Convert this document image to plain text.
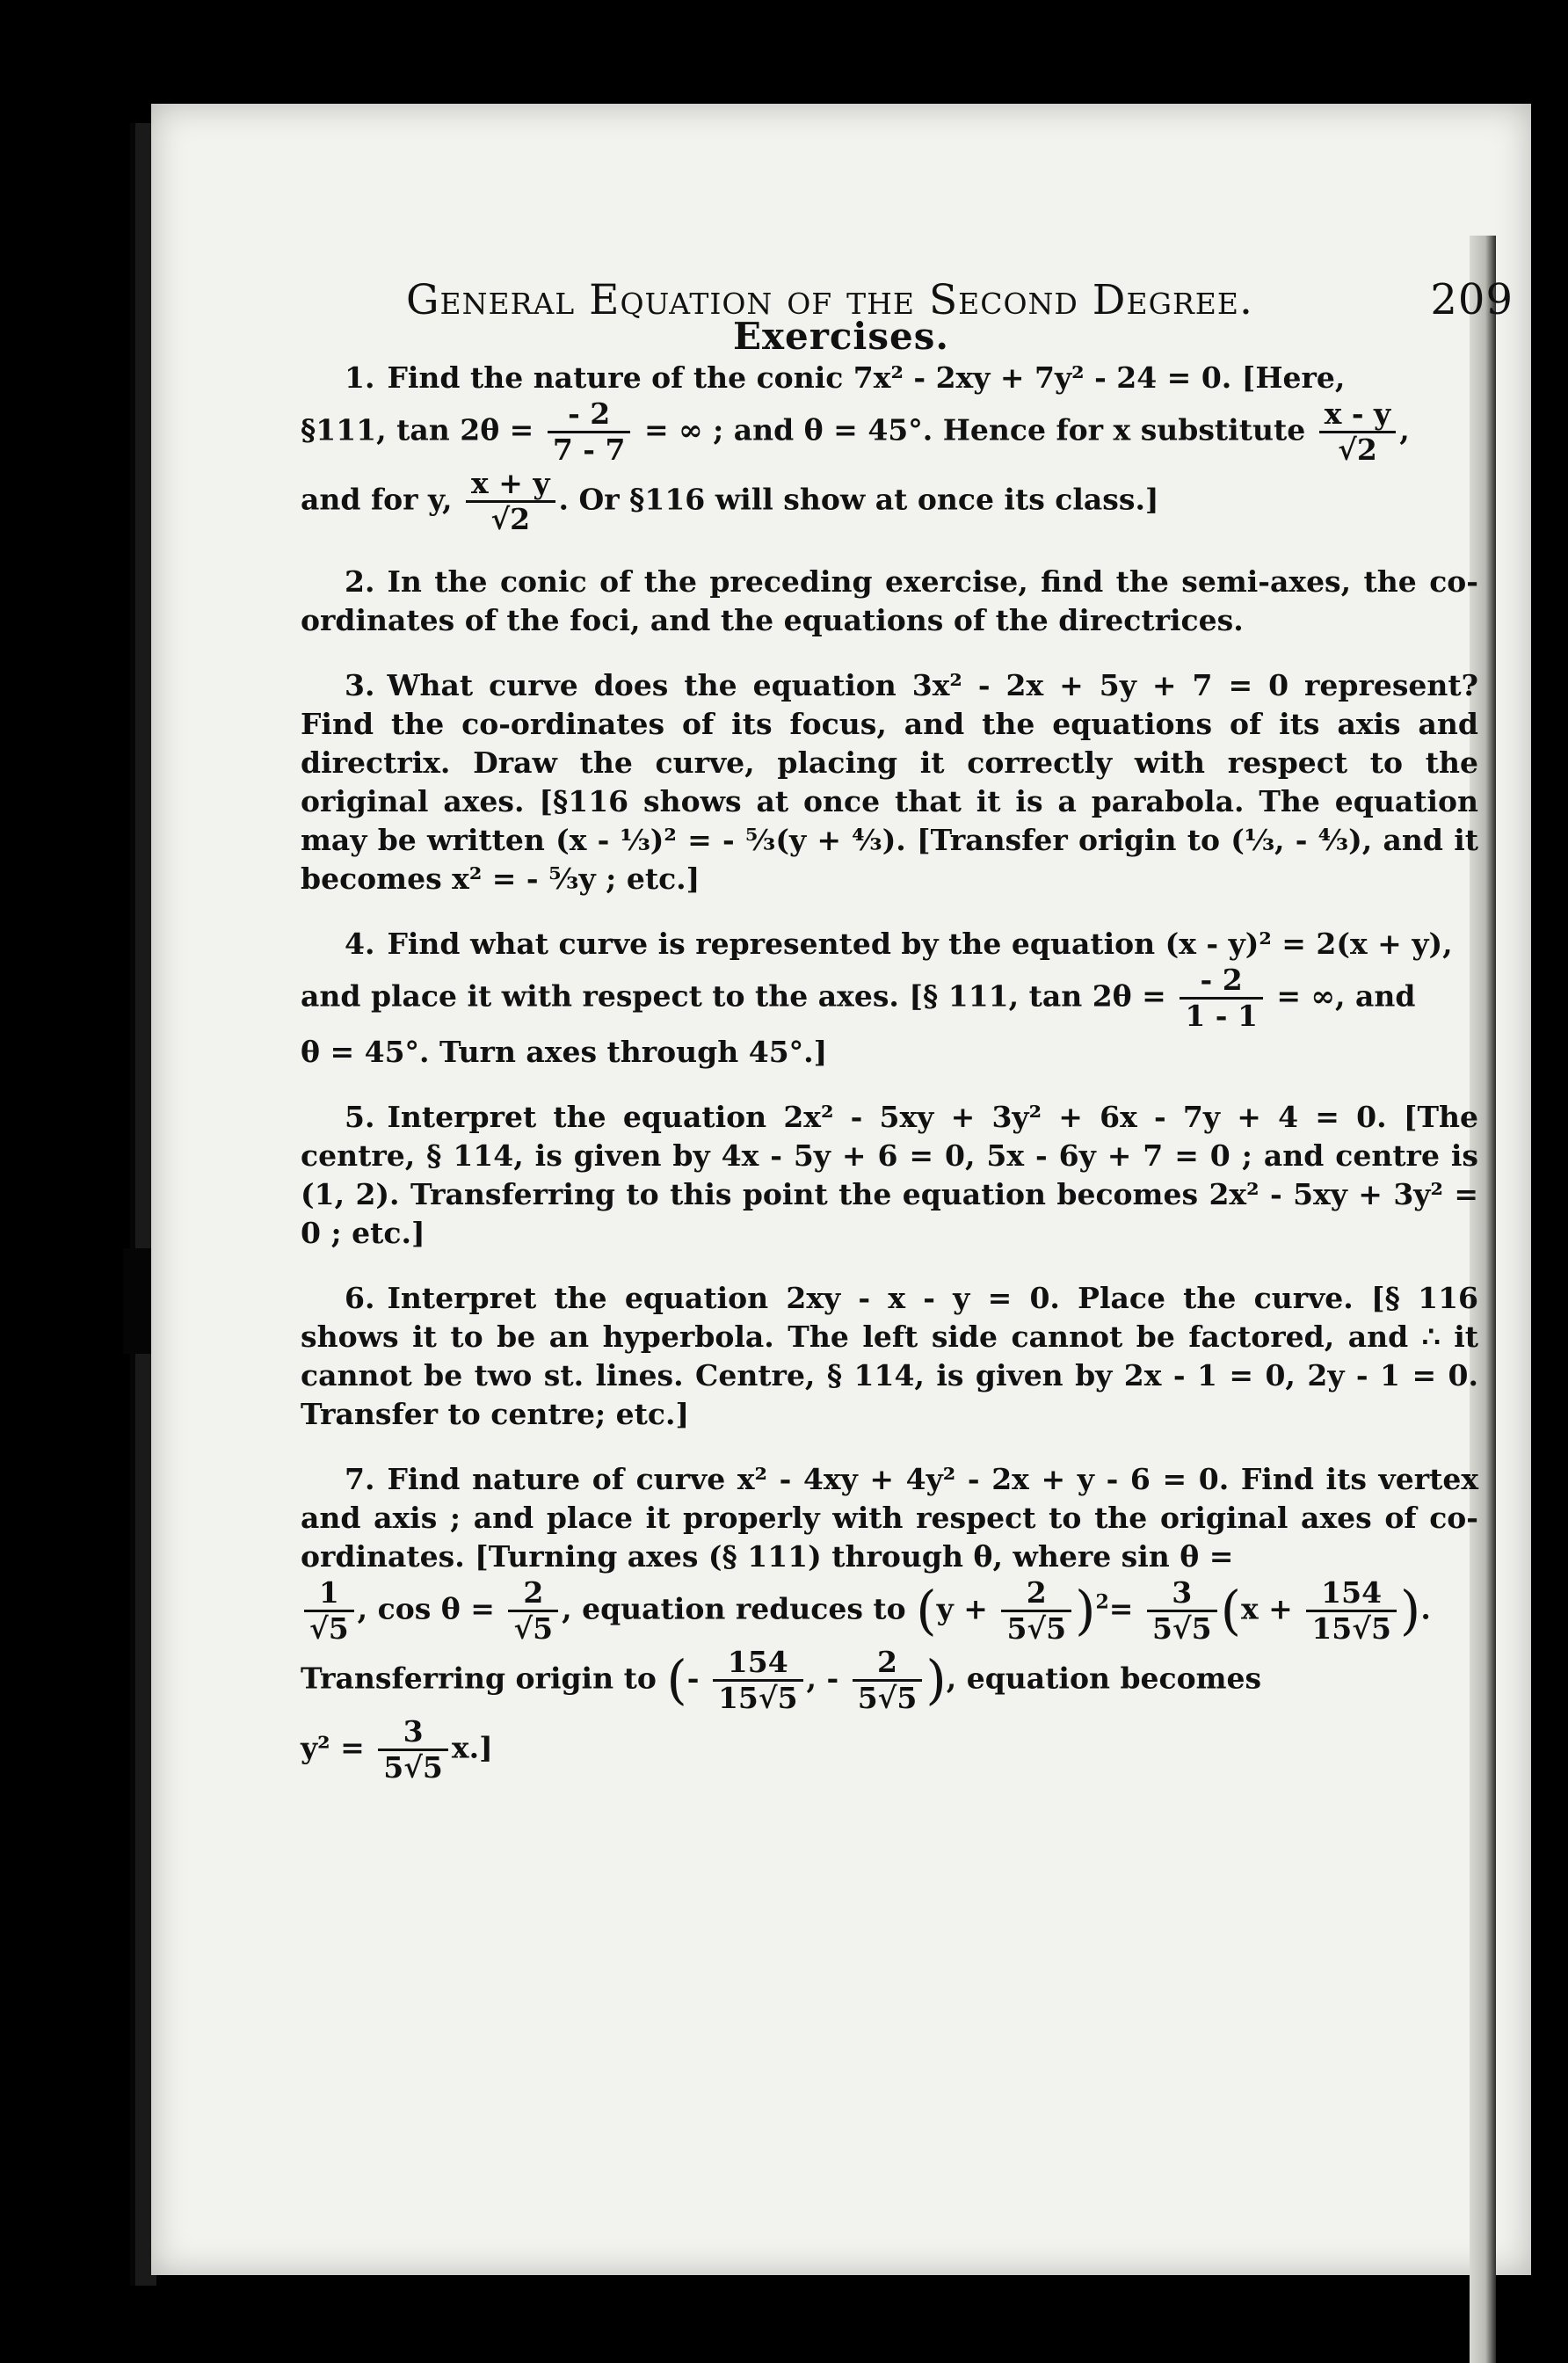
General Equation of the Second Degree.	209
Exercises.

1. Find the nature of the conic 7x² - 2xy + 7y² - 24 = 0. [Here,

§111, $\tan 2\theta = \frac{- 2}{7 - 7}$ = ∞ ; and θ = 45°. Hence for x substitute $\frac{x - y}{√2}$ ,

and for y, $\frac{x + y}{√2}$ . Or §116 will show at once its class.]

2. In the conic of the preceding exercise, find the semi-axes, the co-ordinates of the foci, and the equations of the directrices.

3. What curve does the equation 3x² - 2x + 5y + 7 = 0 represent? Find the co-ordinates of its focus, and the equations of its axis and directrix. Draw the curve, placing it correctly with respect to the original axes. [§116 shows at once that it is a parabola. The equation may be written (x - ⅓)² = - ⁵⁄₃(y + ⁴⁄₃). [Transfer origin to (⅓, - ⁴⁄₃), and it becomes x² = - ⁵⁄₃y ; etc.]

4. Find what curve is represented by the equation (x - y)² = 2(x + y),

and place it with respect to the axes. [§ 111, $\tan 2\theta = \frac{- 2}{1 - 1}$ = ∞, and

θ = 45°. Turn axes through 45°.]

5. Interpret the equation 2x² - 5xy + 3y² + 6x - 7y + 4 = 0. [The centre, § 114, is given by 4x - 5y + 6 = 0, 5x - 6y + 7 = 0 ; and centre is (1, 2). Transferring to this point the equation becomes 2x² - 5xy + 3y² = 0 ; etc.]

6. Interpret the equation 2xy - x - y = 0. Place the curve. [§ 116 shows it to be an hyperbola. The left side cannot be factored, and ∴ it cannot be two st. lines. Centre, § 114, is given by 2x - 1 = 0, 2y - 1 = 0. Transfer to centre; etc.]

7. Find nature of curve x² - 4xy + 4y² - 2x + y - 6 = 0. Find its vertex and axis ; and place it properly with respect to the original axes of co-ordinates. [Turning axes (§ 111) through θ, where sin θ =

$\frac{1}{√5}$ , $\cos \theta = \frac{2}{√5}$ , equation reduces to $(y + \frac{2}{5√5} )^2= \frac{3}{5√5} (x + \frac{154}{15√5}$ ).

Transferring origin to (- $\frac{154}{15√5}$ , - $\frac{2}{5√5}$ ), equation becomes

$y^2 = \frac{3}{5√5} x$.]
